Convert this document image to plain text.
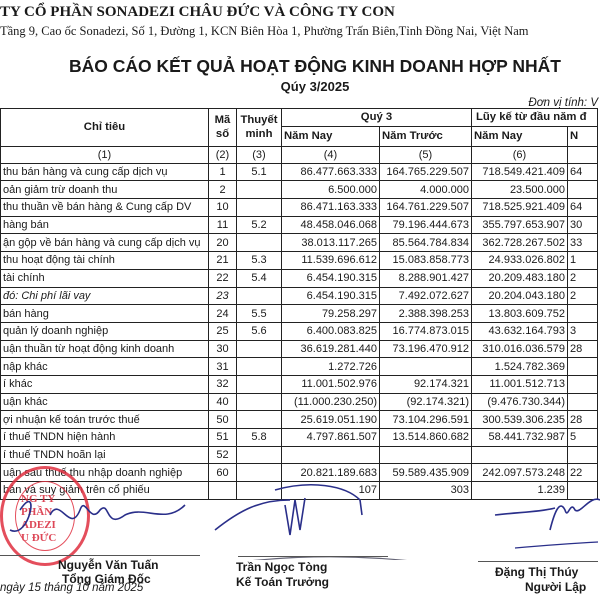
TY CỔ PHẦN SONADEZI CHÂU ĐỨC VÀ CÔNG TY CON
Tầng 9, Cao ốc Sonadezi, Số 1, Đường 1, KCN Biên Hòa 1, Phường Trấn Biên,Tỉnh Đồng Nai, Việt Nam
BÁO CÁO KẾT QUẢ HOẠT ĐỘNG KINH DOANH HỢP NHẤT
Qúy 3/2025
Đơn vị tính: V
Chỉ tiêu	Mã số	Thuyết minh	Quý 3		Lũy kế từ đầu năm đ	
			Năm Nay	Năm Trước	Năm Nay	N
(1)	(2)	(3)	(4)	(5)	(6)	
thu bán hàng và cung cấp dịch vụ	1	5.1	86.477.663.333	164.765.229.507	718.549.421.409	64
oản giảm trừ doanh thu	2		6.500.000	4.000.000	23.500.000	
thu thuần về bán hàng & Cung cấp DV	10		86.471.163.333	164.761.229.507	718.525.921.409	64
hàng bán	11	5.2	48.458.046.068	79.196.444.673	355.797.653.907	30
ận gộp về bán hàng và cung cấp dịch vụ	20		38.013.117.265	85.564.784.834	362.728.267.502	33
thu hoạt động tài chính	21	5.3	11.539.696.612	15.083.858.773	24.933.026.802	1
tài chính	22	5.4	6.454.190.315	8.288.901.427	20.209.483.180	2
đó: Chi phí lãi vay	23		6.454.190.315	7.492.072.627	20.204.043.180	2
bán hàng	24	5.5	79.258.297	2.388.398.253	13.803.609.752	
quản lý doanh nghiệp	25	5.6	6.400.083.825	16.774.873.015	43.632.164.793	3
uận thuần từ hoạt động kinh doanh	30		36.619.281.440	73.196.470.912	310.016.036.579	28
nập khác	31		1.272.726		1.524.782.369	
í khác	32		11.001.502.976	92.174.321	11.001.512.713	
uận khác	40		(11.000.230.250)	(92.174.321)	(9.476.730.344)	
ợi nhuận kế toán trước thuế	50		25.619.051.190	73.104.296.591	300.539.306.235	28
í thuế TNDN hiện hành	51	5.8	4.797.861.507	13.514.860.682	58.441.732.987	5
í thuế TNDN hoãn lại	52					
uận sau thuế thu nhập doanh nghiệp	60		20.821.189.683	59.589.435.909	242.097.573.248	22
bản và suy giảm trên cổ phiếu			107	303	1.239	
NG TY
PHẦN
ADEZI
U ĐỨC
Nguyễn Văn Tuấn
Tổng Giám Đốc
Trần Ngọc Tòng
Kế Toán Trưởng
Đặng Thị Thúy
Người Lập
ngày 15 tháng 10 năm 2025
